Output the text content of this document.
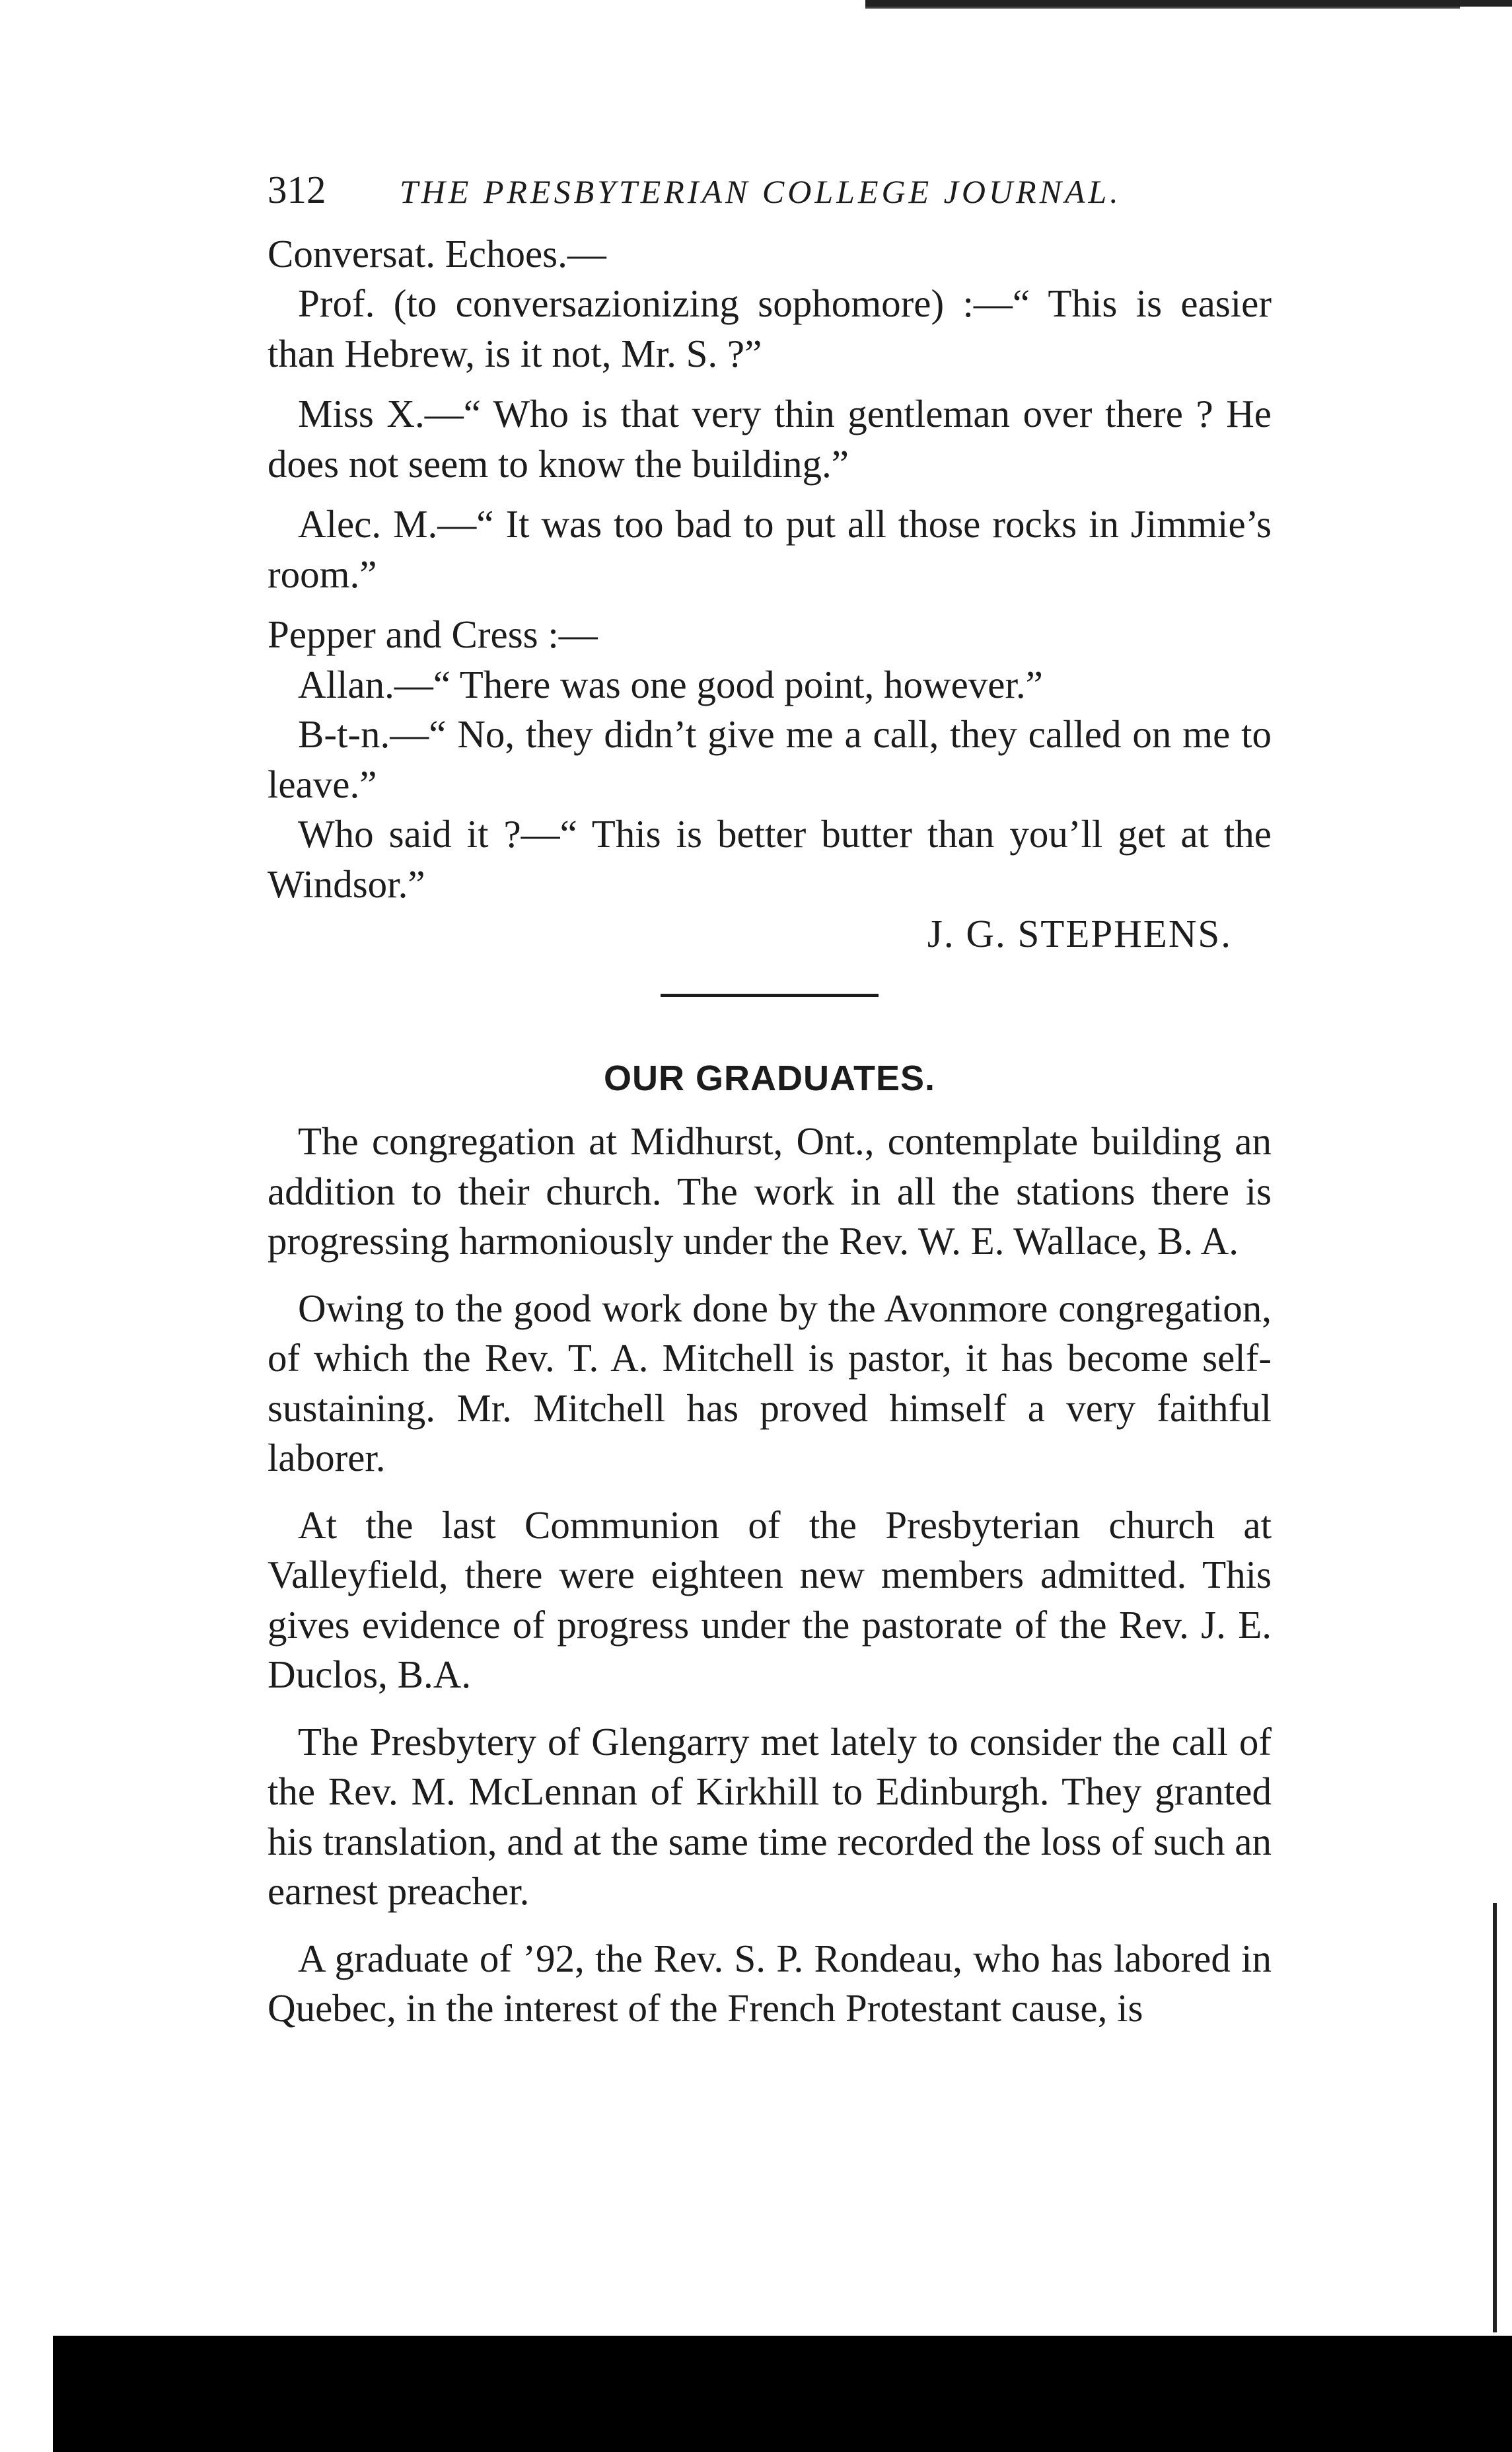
312	THE PRESBYTERIAN COLLEGE JOURNAL.

Conversat. Echoes.—

Prof. (to conversazionizing sophomore) :—“ This is easier than Hebrew, is it not, Mr. S. ?”

Miss X.—“ Who is that very thin gentleman over there ? He does not seem to know the building.”

Alec. M.—“ It was too bad to put all those rocks in Jimmie’s room.”

Pepper and Cress :—

Allan.—“ There was one good point, however.”

B-t-n.—“ No, they didn’t give me a call, they called on me to leave.”

Who said it ?—“ This is better butter than you’ll get at the Windsor.”

J. G. STEPHENS.
OUR GRADUATES.

The congregation at Midhurst, Ont., contemplate building an addition to their church. The work in all the stations there is progressing harmoniously under the Rev. W. E. Wallace, B. A.

Owing to the good work done by the Avonmore congregation, of which the Rev. T. A. Mitchell is pastor, it has become self-sustaining. Mr. Mitchell has proved himself a very faithful laborer.

At the last Communion of the Presbyterian church at Valleyfield, there were eighteen new members admitted. This gives evidence of progress under the pastorate of the Rev. J. E. Duclos, B.A.

The Presbytery of Glengarry met lately to consider the call of the Rev. M. McLennan of Kirkhill to Edinburgh. They granted his translation, and at the same time recorded the loss of such an earnest preacher.

A graduate of ’92, the Rev. S. P. Rondeau, who has labored in Quebec, in the interest of the French Protestant cause, is
